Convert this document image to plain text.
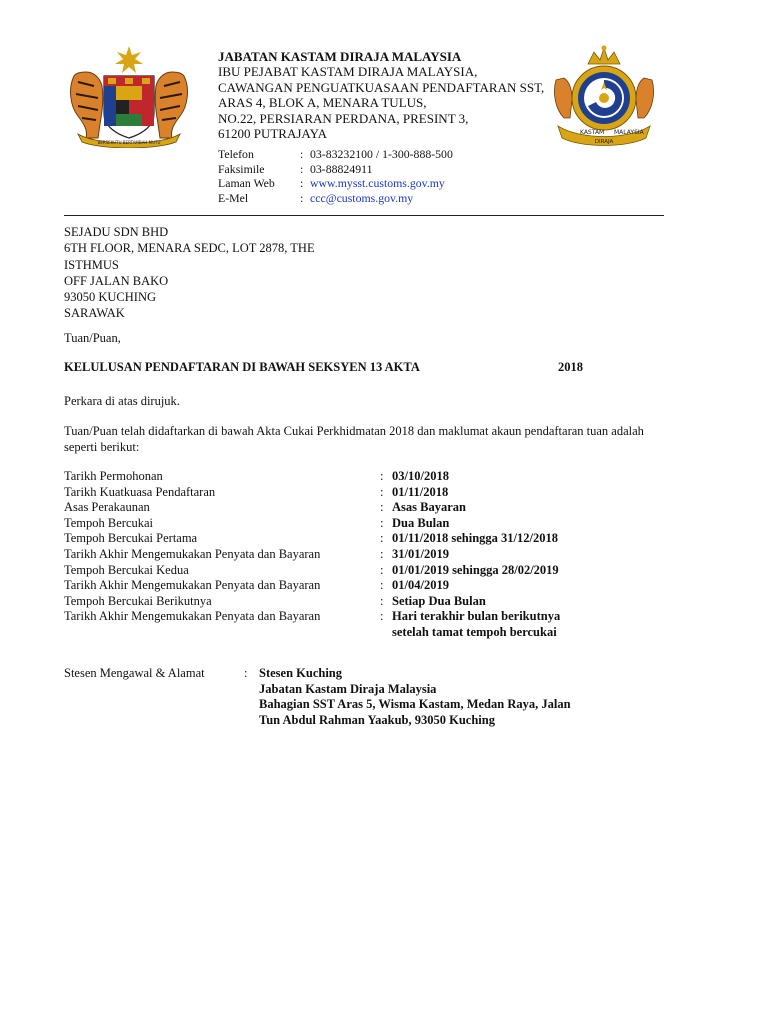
BERSEKUTU BERTAMBAH MUTU
JABATAN KASTAM DIRAJA MALAYSIA
IBU PEJABAT KASTAM DIRAJA MALAYSIA,
CAWANGAN PENGUATKUASAAN PENDAFTARAN SST,
ARAS 4, BLOK A, MENARA TULUS,
NO.22, PERSIARAN PERDANA, PRESINT 3,
61200 PUTRAJAYA
Telefon	: 03-83232100 / 1-300-888-500
Faksimile	: 03-88824911
Laman Web	: www.mysst.customs.gov.my
E-Mel	: ccc@customs.gov.my
KASTAM MALAYSIA
DIRAJA
SEJADU SDN BHD
6TH FLOOR, MENARA SEDC, LOT 2878, THE
ISTHMUS
OFF JALAN BAKO
93050 KUCHING
SARAWAK
Tuan/Puan,
KELULUSAN PENDAFTARAN DI BAWAH SEKSYEN 13 AKTA	2018
Perkara di atas dirujuk.
Tuan/Puan telah didaftarkan di bawah Akta Cukai Perkhidmatan 2018 dan maklumat akaun pendaftaran tuan adalah seperti berikut:
Tarikh Permohonan	: 03/10/2018
Tarikh Kuatkuasa Pendaftaran	: 01/11/2018
Asas Perakaunan	: Asas Bayaran
Tempoh Bercukai	: Dua Bulan
Tempoh Bercukai Pertama	: 01/11/2018 sehingga 31/12/2018
Tarikh Akhir Mengemukakan Penyata dan Bayaran	: 31/01/2019
Tempoh Bercukai Kedua	: 01/01/2019 sehingga 28/02/2019
Tarikh Akhir Mengemukakan Penyata dan Bayaran	: 01/04/2019
Tempoh Bercukai Berikutnya	: Setiap Dua Bulan
Tarikh Akhir Mengemukakan Penyata dan Bayaran	: Hari terakhir bulan berikutnya
setelah tamat tempoh bercukai
Stesen Mengawal & Alamat	: Stesen Kuching
Jabatan Kastam Diraja Malaysia
Bahagian SST Aras 5, Wisma Kastam, Medan Raya, Jalan
Tun Abdul Rahman Yaakub, 93050 Kuching
